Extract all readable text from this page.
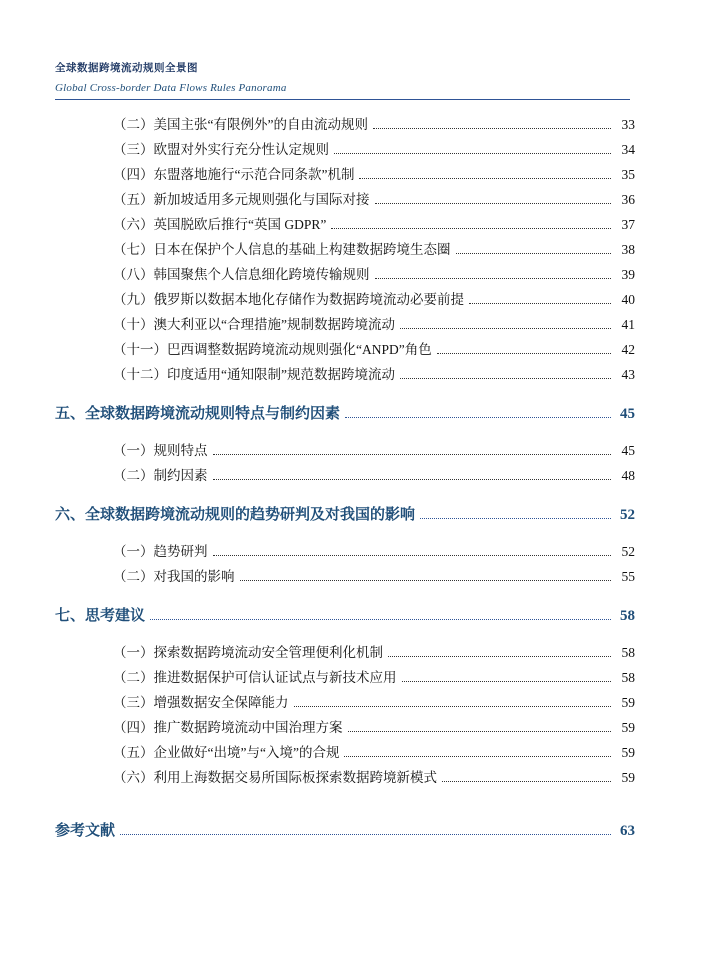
全球数据跨境流动规则全景图
Global Cross-border Data Flows Rules Panorama
（二）美国主张“有限例外”的自由流动规则	33
（三）欧盟对外实行充分性认定规则	34
（四）东盟落地施行“示范合同条款”机制	35
（五）新加坡适用多元规则强化与国际对接	36
（六）英国脱欧后推行“英国 GDPR”	37
（七）日本在保护个人信息的基础上构建数据跨境生态圈	38
（八）韩国聚焦个人信息细化跨境传输规则	39
（九）俄罗斯以数据本地化存储作为数据跨境流动必要前提	40
（十）澳大利亚以“合理措施”规制数据跨境流动	41
（十一）巴西调整数据跨境流动规则强化“ANPD”角色	42
（十二）印度适用“通知限制”规范数据跨境流动	43
五、全球数据跨境流动规则特点与制约因素	45
（一）规则特点	45
（二）制约因素	48
六、全球数据跨境流动规则的趋势研判及对我国的影响	52
（一）趋势研判	52
（二）对我国的影响	55
七、思考建议	58
（一）探索数据跨境流动安全管理便利化机制	58
（二）推进数据保护可信认证试点与新技术应用	58
（三）增强数据安全保障能力	59
（四）推广数据跨境流动中国治理方案	59
（五）企业做好“出境”与“入境”的合规	59
（六）利用上海数据交易所国际板探索数据跨境新模式	59
参考文献	63
